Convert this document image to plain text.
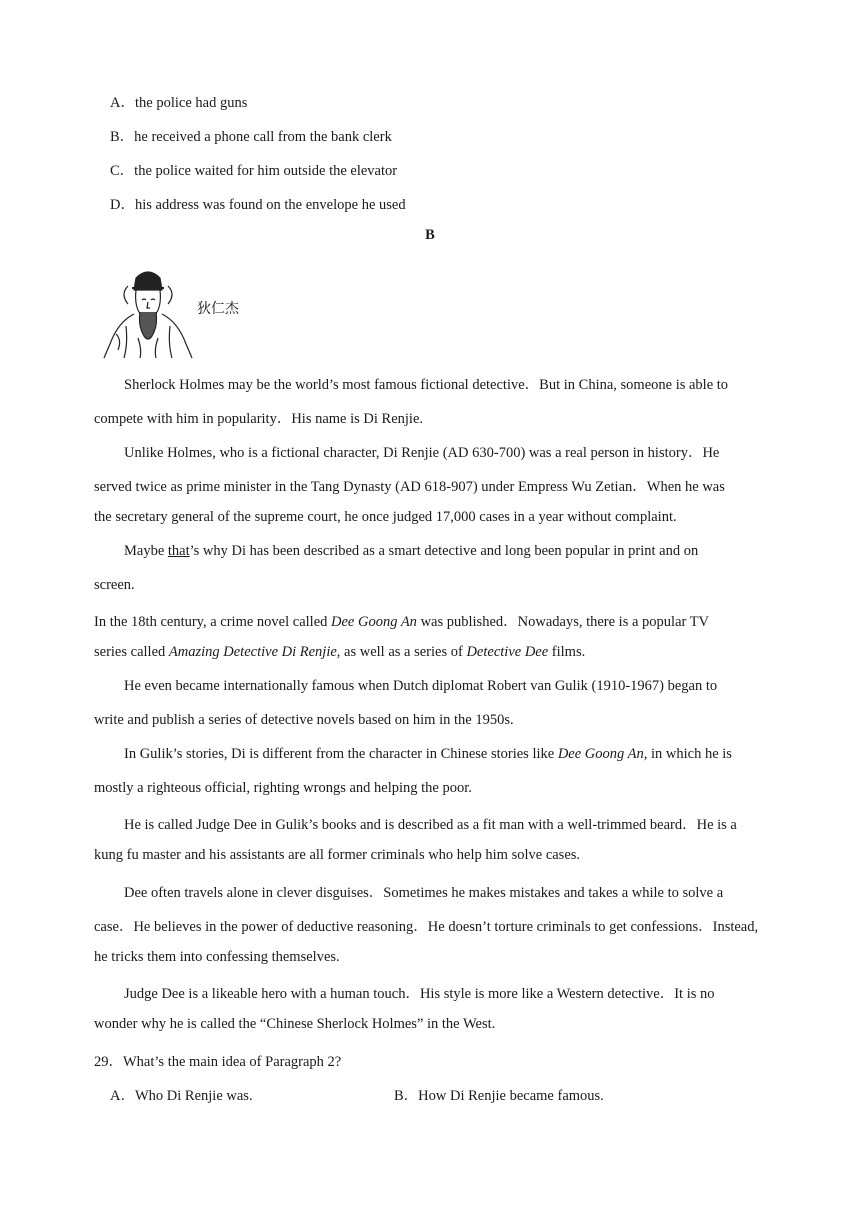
A．the police had guns
B．he received a phone call from the bank clerk
C．the police waited for him outside the elevator
D．his address was found on the envelope he used
B
狄仁杰
Sherlock Holmes may be the world’s most famous fictional detective．But in China, someone is able to
compete with him in popularity．His name is Di Renjie.
Unlike Holmes, who is a fictional character, Di Renjie (AD 630-700) was a real person in history．He
served twice as prime minister in the Tang Dynasty (AD 618-907) under Empress Wu Zetian．When he was
the secretary general of the supreme court, he once judged 17,000 cases in a year without complaint.
Maybe that’s why Di has been described as a smart detective and long been popular in print and on
screen.
In the 18th century, a crime novel called Dee Goong An was published．Nowadays, there is a popular TV
series called Amazing Detective Di Renjie, as well as a series of Detective Dee films.
He even became internationally famous when Dutch diplomat Robert van Gulik (1910-1967) began to
write and publish a series of detective novels based on him in the 1950s.
In Gulik’s stories, Di is different from the character in Chinese stories like Dee Goong An, in which he is
mostly a righteous official, righting wrongs and helping the poor.
He is called Judge Dee in Gulik’s books and is described as a fit man with a well-trimmed beard．He is a
kung fu master and his assistants are all former criminals who help him solve cases.
Dee often travels alone in clever disguises．Sometimes he makes mistakes and takes a while to solve a
case．He believes in the power of deductive reasoning．He doesn’t torture criminals to get confessions．Instead,
he tricks them into confessing themselves.
Judge Dee is a likeable hero with a human touch．His style is more like a Western detective．It is no
wonder why he is called the “Chinese Sherlock Holmes” in the West.
29．What’s the main idea of Paragraph 2?
A．Who Di Renjie was.	B．How Di Renjie became famous.
